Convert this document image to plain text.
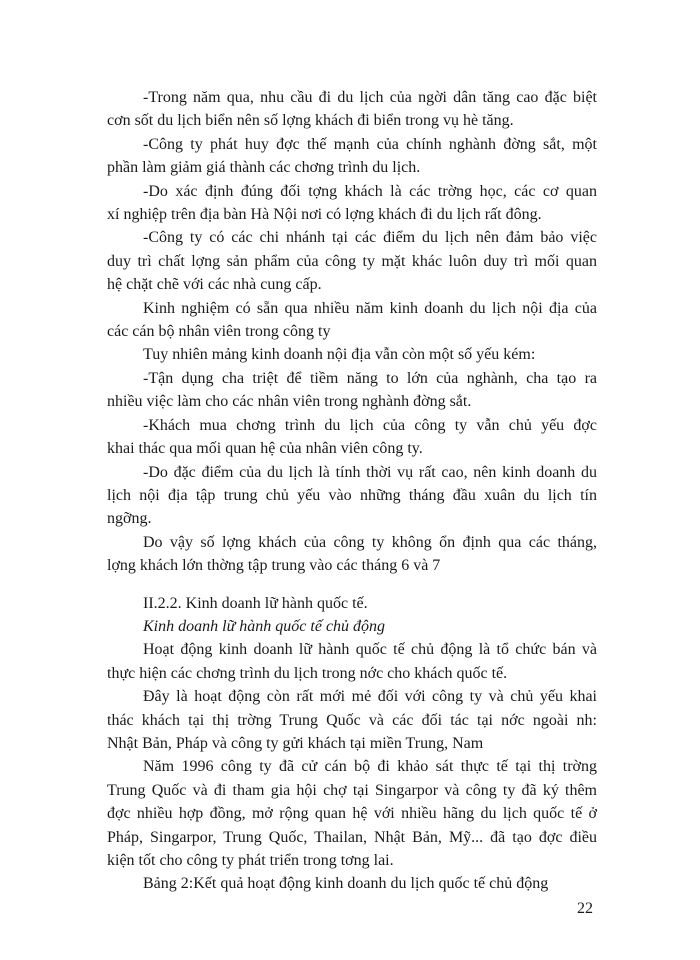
-Trong năm qua, nhu cầu đi du lịch của ngời dân tăng cao đặc biệt
cơn sốt du lịch biển nên số lợng khách đi biển trong vụ hè tăng.

-Công ty phát huy đợc thế mạnh của chính nghành đờng sắt, một
phần làm giảm giá thành các chơng trình du lịch.

-Do xác định đúng đối tợng khách là các trờng học, các cơ quan
xí nghiệp trên địa bàn Hà Nội nơi có lợng khách đi du lịch rất đông.

-Công ty có các chi nhánh tại các điểm du lịch nên đảm bảo việc
duy trì chất lợng sản phẩm của công ty mặt khác luôn duy trì mối quan
hệ chặt chẽ với các nhà cung cấp.

Kinh nghiệm có sẵn qua nhiều năm kinh doanh du lịch nội địa của
các cán bộ nhân viên trong công ty

Tuy nhiên mảng kinh doanh nội địa vẫn còn một số yếu kém:

-Tận dụng cha triệt để tiềm năng to lớn của nghành, cha tạo ra
nhiều việc làm cho các nhân viên trong nghành đờng sắt.

-Khách mua chơng trình du lịch của công ty vẫn chủ yếu đợc
khai thác qua mối quan hệ của nhân viên công ty.

-Do đặc điểm của du lịch là tính thời vụ rất cao, nên kinh doanh du
lịch nội địa tập trung chủ yếu vào những tháng đầu xuân du lịch tín
ngỡng.

Do vậy số lợng khách của công ty không ổn định qua các tháng,
lợng khách lớn thờng tập trung vào các tháng 6 và 7

II.2.2. Kinh doanh lữ hành quốc tế.

Kinh doanh lữ hành quốc tế chủ động

Hoạt động kinh doanh lữ hành quốc tế chủ động là tổ chức bán và
thực hiện các chơng trình du lịch trong nớc cho khách quốc tế.

Đây là hoạt động còn rất mới mẻ đối với công ty và chủ yếu khai
thác khách tại thị trờng Trung Quốc và các đối tác tại nớc ngoài nh:
Nhật Bản, Pháp và công ty gửi khách tại miền Trung, Nam

Năm 1996 công ty đã cử cán bộ đi khảo sát thực tế tại thị trờng
Trung Quốc và đi tham gia hội chợ tại Singarpor và công ty đã ký thêm
đợc nhiều hợp đồng, mở rộng quan hệ với nhiều hãng du lịch quốc tế ở
Pháp, Singarpor, Trung Quốc, Thailan, Nhật Bản, Mỹ... đã tạo đợc điều
kiện tốt cho công ty phát triển trong tơng lai.

Bảng 2:Kết quả hoạt động kinh doanh du lịch quốc tế chủ động

22
